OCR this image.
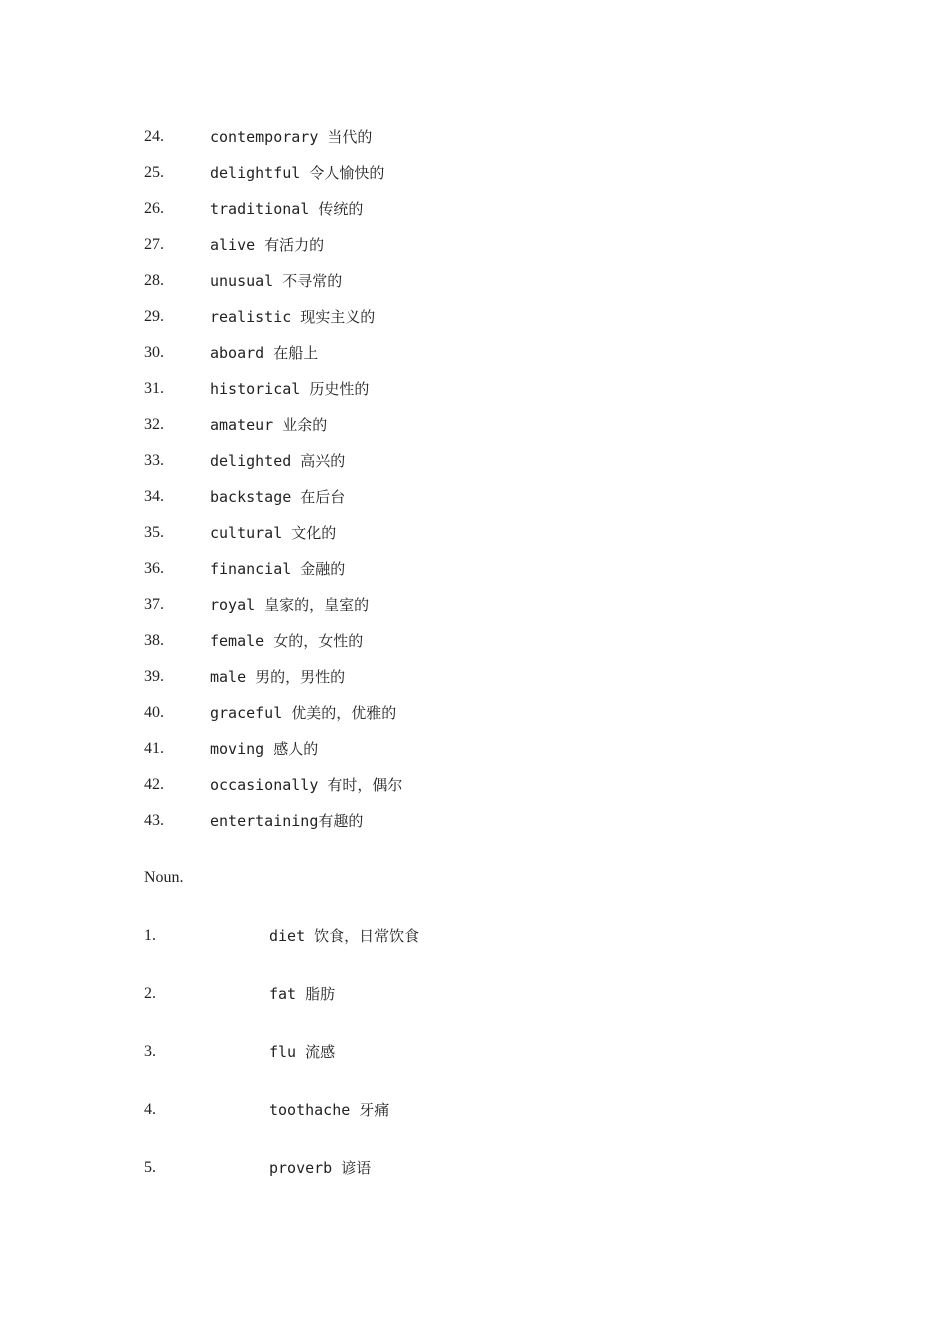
24.	contemporary 当代的
25.	delightful 令人愉快的
26.	traditional 传统的
27.	alive 有活力的
28.	unusual 不寻常的
29.	realistic 现实主义的
30.	aboard 在船上
31.	historical 历史性的
32.	amateur 业余的
33.	delighted 高兴的
34.	backstage 在后台
35.	cultural 文化的
36.	financial 金融的
37.	royal 皇家的，皇室的
38.	female 女的，女性的
39.	male 男的，男性的
40.	graceful 优美的，优雅的
41.	moving 感人的
42.	occasionally 有时，偶尔
43.	entertaining有趣的
Noun.
1.	diet 饮食，日常饮食
2.	fat 脂肪
3.	flu 流感
4.	toothache 牙痛
5.	proverb 谚语
